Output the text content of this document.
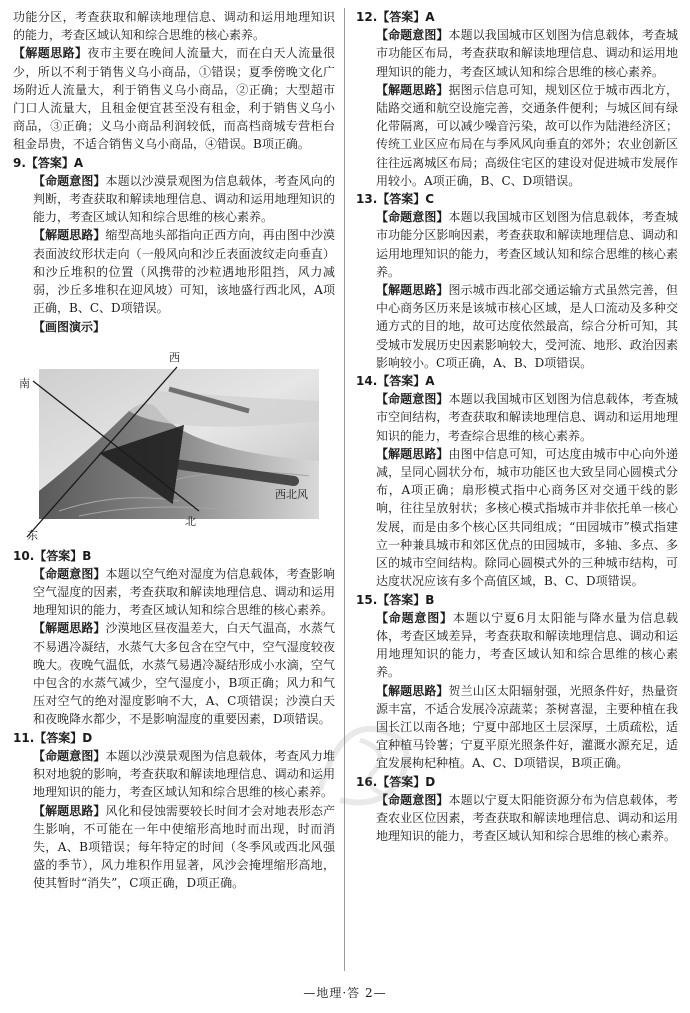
功能分区，考查获取和解读地理信息、调动和运用地理知识的能力，考查区域认知和综合思维的核心素养。

【解题思路】夜市主要在晚间人流量大，而在白天人流量很少，所以不利于销售义乌小商品，①错误；夏季傍晚文化广场附近人流量大，利于销售义乌小商品，②正确；大型超市门口人流量大，且租金便宜甚至没有租金，利于销售义乌小商品，③正确；义乌小商品利润较低，而高档商城专营柜台租金昂贵，不适合销售义乌小商品，④错误。B项正确。

9.【答案】A

【命题意图】本题以沙漠景观图为信息载体，考查风向的判断，考查获取和解读地理信息、调动和运用地理知识的能力，考查区域认知和综合思维的核心素养。

【解题思路】缩型高地头部指向正西方向，再由图中沙漠表面波纹形状走向（一般风向和沙丘表面波纹走向垂直）和沙丘堆积的位置（风携带的沙粒遇地形阻挡，风力减弱，沙丘多堆积在迎风坡）可知，该地盛行西北风，A项正确，B、C、D项错误。

【画图演示】

西
南
东
北
西北风

10.【答案】B

【命题意图】本题以空气绝对湿度为信息载体，考查影响空气湿度的因素，考查获取和解读地理信息、调动和运用地理知识的能力，考查区域认知和综合思维的核心素养。

【解题思路】沙漠地区昼夜温差大，白天气温高，水蒸气不易遇冷凝结，水蒸气大多包含在空气中，空气湿度较夜晚大。夜晚气温低，水蒸气易遇冷凝结形成小水滴，空气中包含的水蒸气减少，空气湿度小，B项正确；风力和气压对空气的绝对湿度影响不大，A、C项错误；沙漠白天和夜晚降水都少，不是影响湿度的重要因素，D项错误。

11.【答案】D

【命题意图】本题以沙漠景观图为信息载体，考查风力堆积对地貌的影响，考查获取和解读地理信息、调动和运用地理知识的能力，考查区域认知和综合思维的核心素养。

【解题思路】风化和侵蚀需要较长时间才会对地表形态产生影响，不可能在一年中使缩形高地时而出现，时而消失，A、B项错误；每年特定的时间（冬季风或西北风强盛的季节），风力堆积作用显著，风沙会掩埋缩形高地，使其暂时“消失”，C项正确，D项正确。

12.【答案】A

【命题意图】本题以我国城市区划图为信息载体，考查城市功能区布局，考查获取和解读地理信息、调动和运用地理知识的能力，考查区域认知和综合思维的核心素养。

【解题思路】据图示信息可知，规划区位于城市西北方，陆路交通和航空设施完善，交通条件便利；与城区间有绿化带隔离，可以减少噪音污染，故可以作为陆港经济区；传统工业区应布局在与季风风向垂直的郊外；农业创新区往往远离城区布局；高级住宅区的建设对促进城市发展作用较小。A项正确，B、C、D项错误。

13.【答案】C

【命题意图】本题以我国城市区划图为信息载体，考查城市功能分区影响因素，考查获取和解读地理信息、调动和运用地理知识的能力，考查区域认知和综合思维的核心素养。

【解题思路】图示城市西北部交通运输方式虽然完善，但中心商务区历来是该城市核心区域，是人口流动及多种交通方式的目的地，故可达度依然最高，综合分析可知，其受城市发展历史因素影响较大，受河流、地形、政治因素影响较小。C项正确，A、B、D项错误。

14.【答案】A

【命题意图】本题以我国城市区划图为信息载体，考查城市空间结构，考查获取和解读地理信息、调动和运用地理知识的能力，考查综合思维的核心素养。

【解题思路】由图中信息可知，可达度由城市中心向外递减，呈同心圆状分布，城市功能区也大致呈同心圆模式分布，A项正确；扇形模式指中心商务区对交通干线的影响，往往呈放射状；多核心模式指城市并非依托单一核心发展，而是由多个核心区共同组成；“田园城市”模式指建立一种兼具城市和郊区优点的田园城市，多轴、多点、多区的城市空间结构。除同心圆模式外的三种城市结构，可达度状况应该有多个高值区域，B、C、D项错误。

15.【答案】B

【命题意图】本题以宁夏6月太阳能与降水量为信息载体，考查区域差异，考查获取和解读地理信息、调动和运用地理知识的能力，考查区域认知和综合思维的核心素养。

【解题思路】贺兰山区太阳辐射强，光照条件好，热量资源丰富，不适合发展冷凉蔬菜；茶树喜湿，主要种植在我国长江以南各地；宁夏中部地区土层深厚，土质疏松，适宜种植马铃薯；宁夏平原光照条件好，灌溉水源充足，适宜发展枸杞种植。A、C、D项错误，B项正确。

16.【答案】D

【命题意图】本题以宁夏太阳能资源分布为信息载体，考查农业区位因素，考查获取和解读地理信息、调动和运用地理知识的能力，考查区域认知和综合思维的核心素养。

—地理·答 2—
